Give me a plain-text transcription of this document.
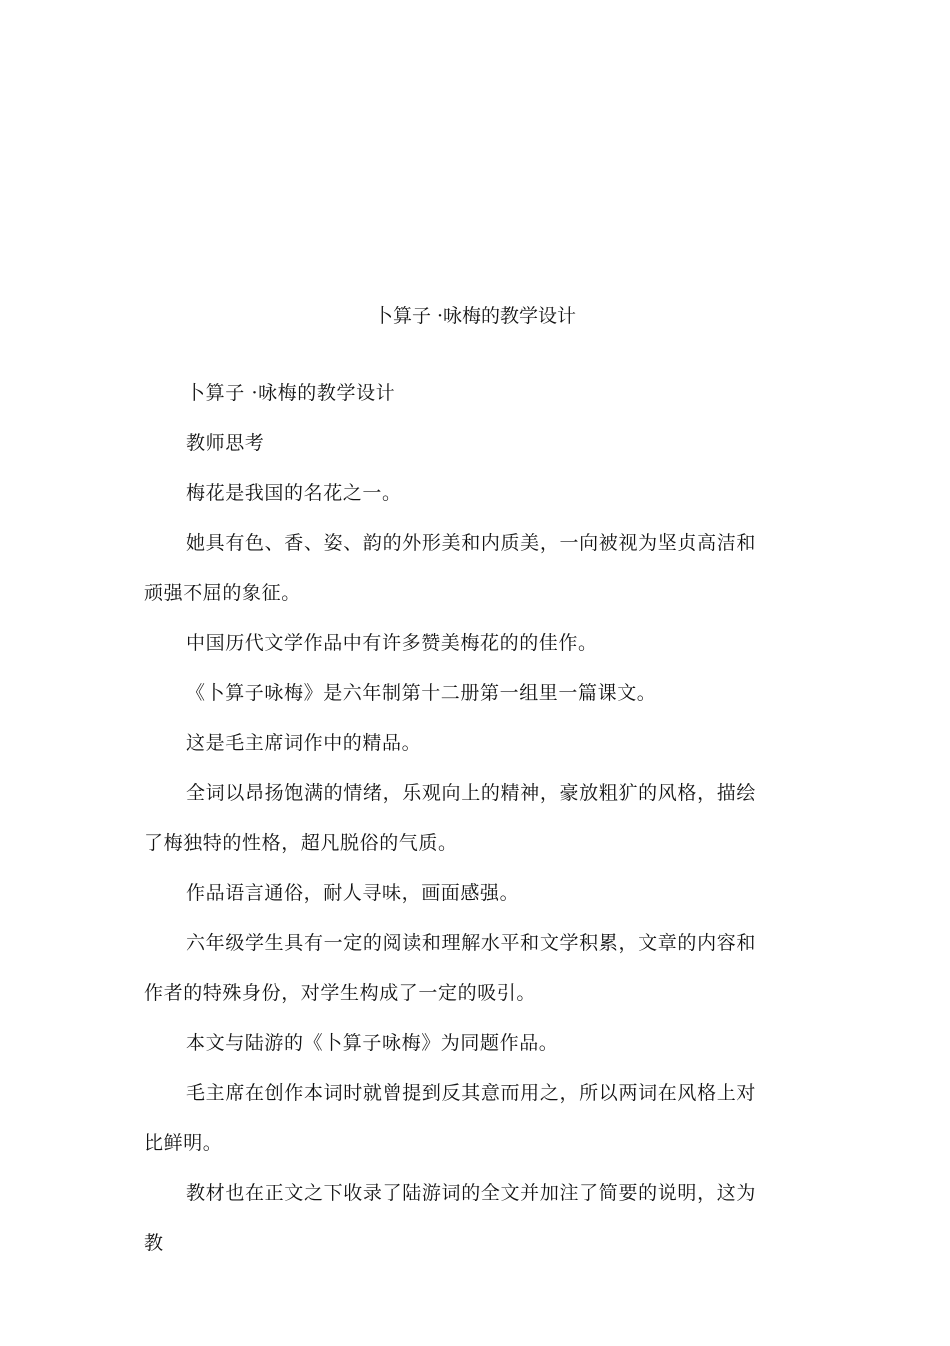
卜算子 ·咏梅的教学设计

卜算子 ·咏梅的教学设计

教师思考

梅花是我国的名花之一。

她具有色、香、姿、韵的外形美和内质美，一向被视为坚贞高洁和顽强不屈的象征。

中国历代文学作品中有许多赞美梅花的的佳作。

《卜算子咏梅》是六年制第十二册第一组里一篇课文。

这是毛主席词作中的精品。

全词以昂扬饱满的情绪，乐观向上的精神，豪放粗犷的风格，描绘了梅独特的性格，超凡脱俗的气质。

作品语言通俗，耐人寻味，画面感强。

六年级学生具有一定的阅读和理解水平和文学积累，文章的内容和作者的特殊身份，对学生构成了一定的吸引。

本文与陆游的《卜算子咏梅》为同题作品。

毛主席在创作本词时就曾提到反其意而用之，所以两词在风格上对比鲜明。

教材也在正文之下收录了陆游词的全文并加注了简要的说明，这为教
